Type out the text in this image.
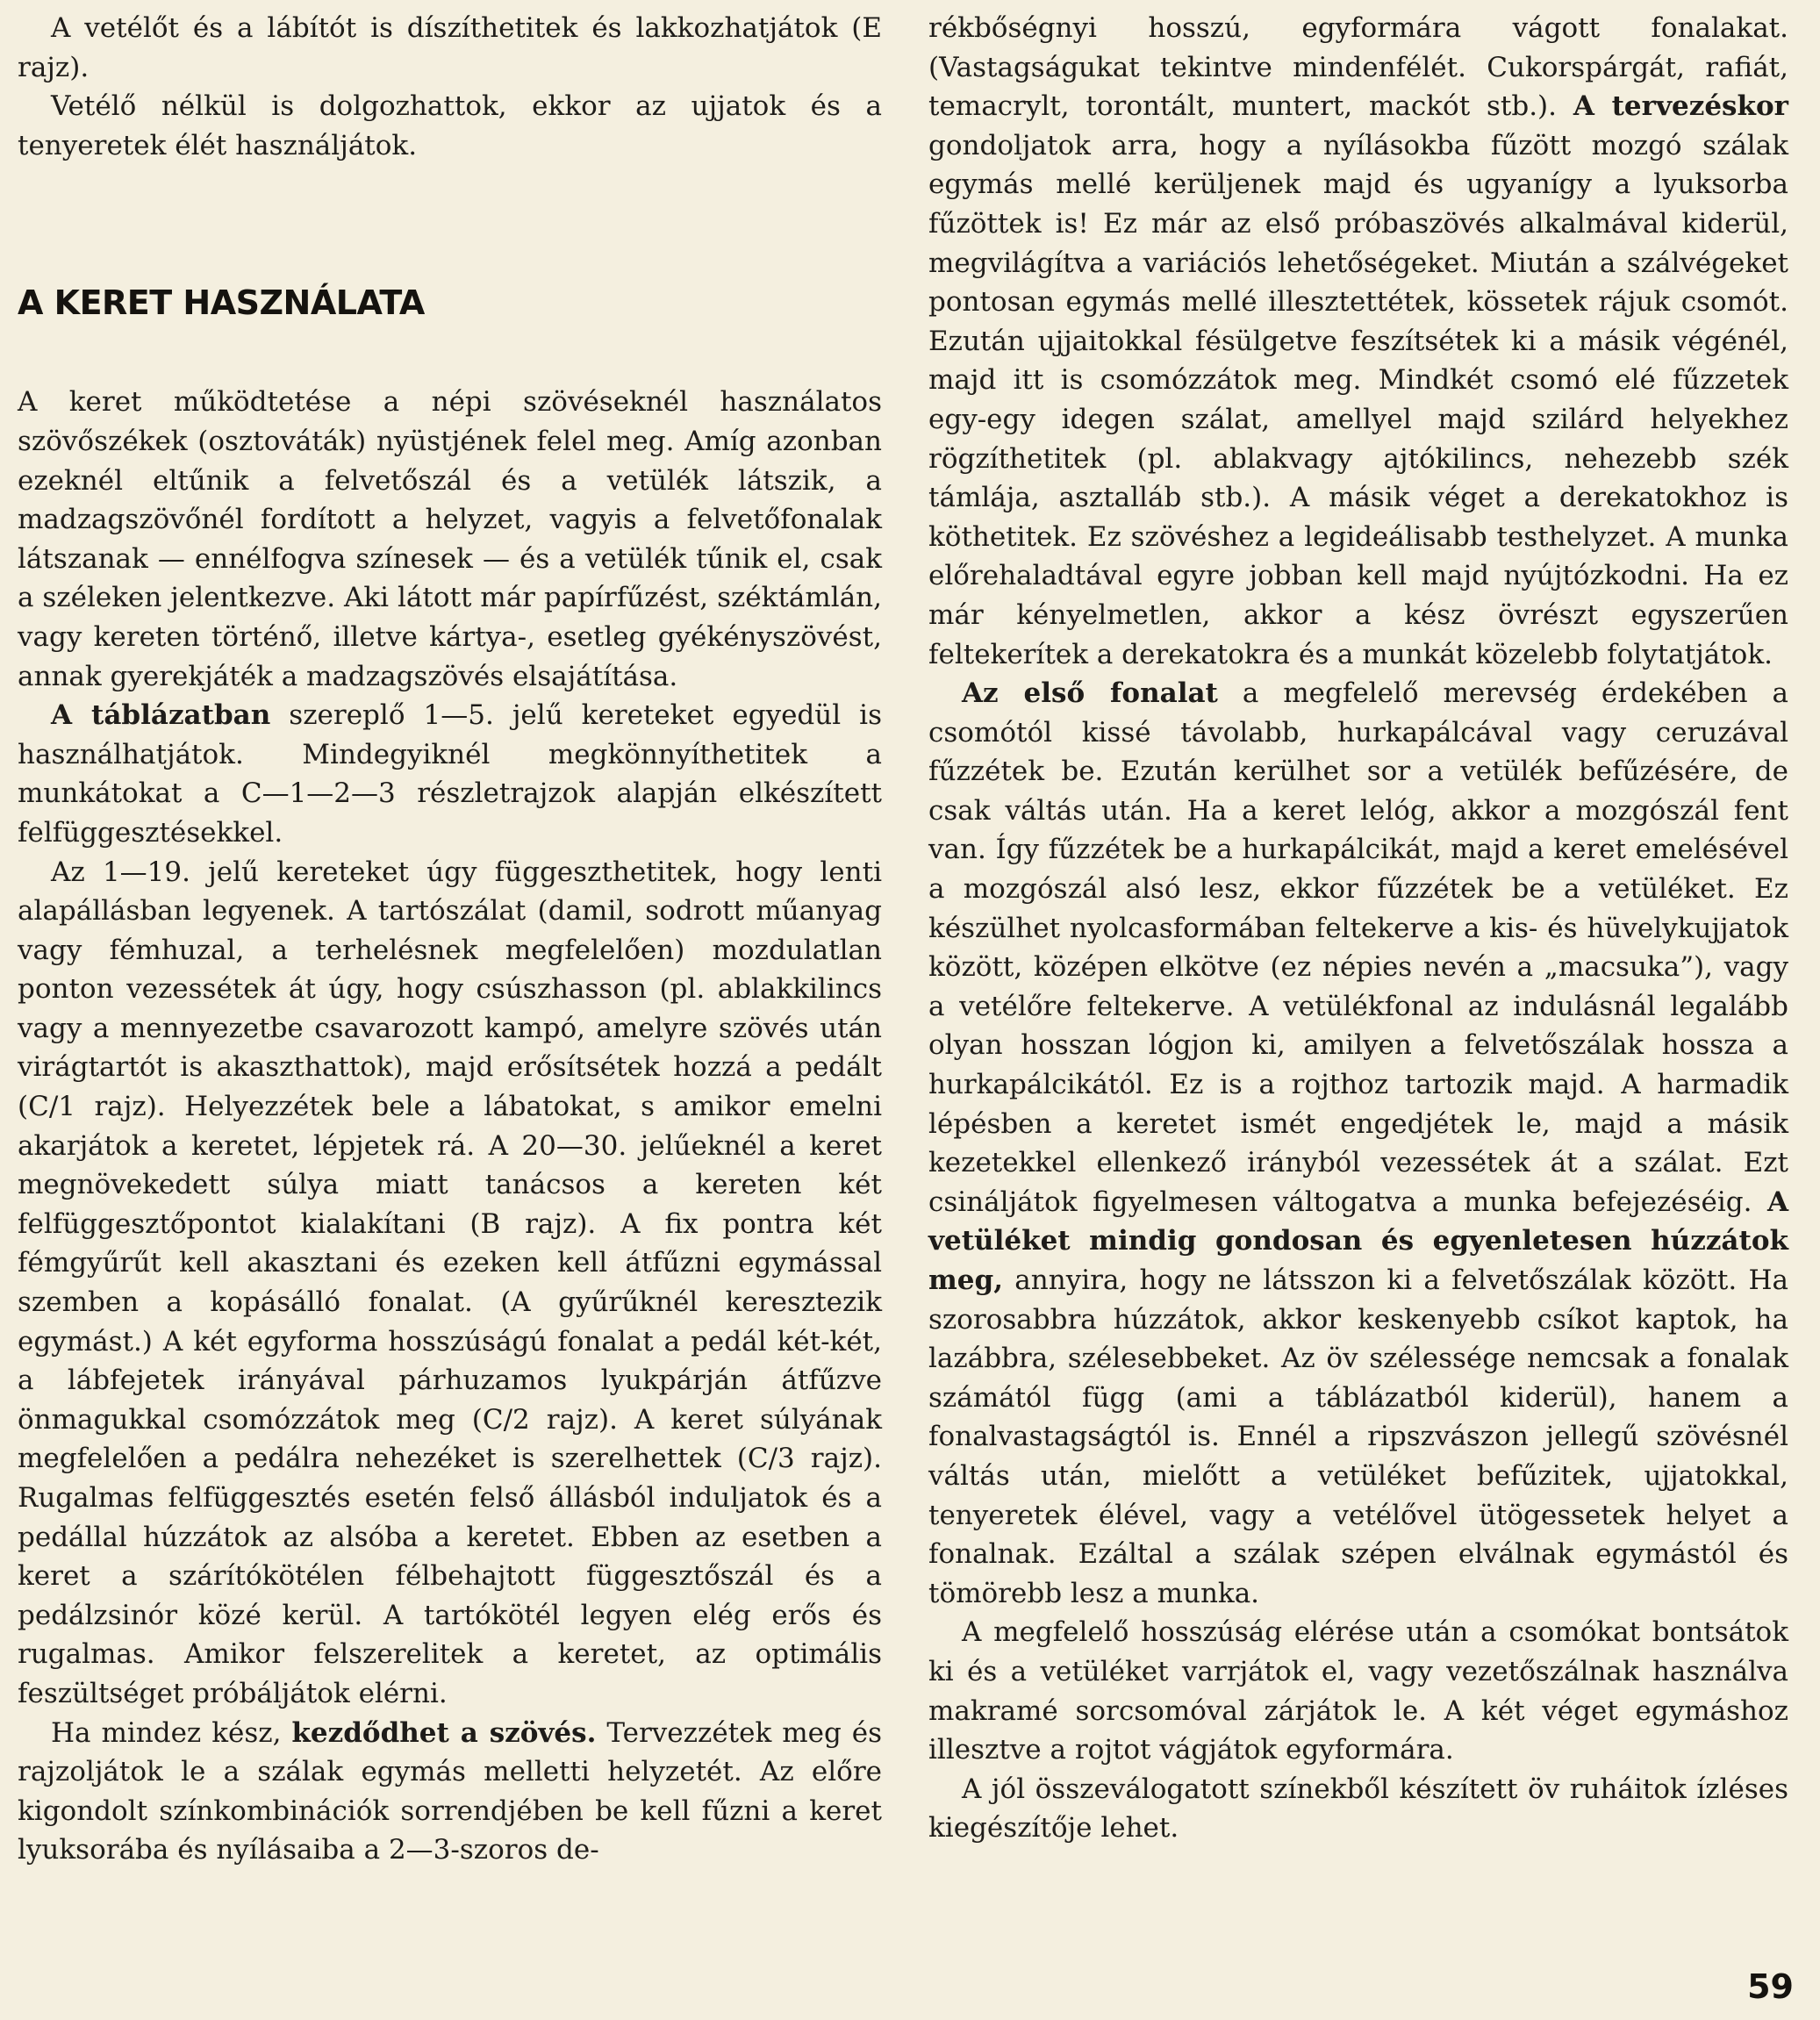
A vetélőt és a lábítót is díszíthetitek és lakkozhatjátok (E rajz).

Vetélő nélkül is dolgozhattok, ekkor az ujjatok és a tenyeretek élét használjátok.

A KERET HASZNÁLATA

A keret működtetése a népi szövéseknél használatos szövőszékek (osztováták) nyüstjének felel meg. Amíg azonban ezeknél eltűnik a felvetőszál és a vetülék látszik, a madzagszövőnél fordított a helyzet, vagyis a felvetőfonalak látszanak — ennélfogva színesek — és a vetülék tűnik el, csak a széleken jelentkezve. Aki látott már papírfűzést, széktámlán, vagy kereten történő, illetve kártya-, esetleg gyékényszövést, annak gyerekjáték a madzagszövés elsajátítása.

A táblázatban szereplő 1—5. jelű kereteket egyedül is használhatjátok. Mindegyiknél megkönnyíthetitek a munkátokat a C—1—2—3 részletrajzok alapján elkészített felfüggesztésekkel.

Az 1—19. jelű kereteket úgy függeszthetitek, hogy lenti alapállásban legyenek. A tartószálat (damil, sodrott műanyag vagy fémhuzal, a terhelésnek megfelelően) mozdulatlan ponton vezessétek át úgy, hogy csúszhasson (pl. ablakkilincs vagy a mennyezetbe csavarozott kampó, amelyre szövés után virágtartót is akaszthattok), majd erősítsétek hozzá a pedált (C/1 rajz). Helyezzétek bele a lábatokat, s amikor emelni akarjátok a keretet, lépjetek rá. A 20—30. jelűeknél a keret megnövekedett súlya miatt tanácsos a kereten két felfüggesztőpontot kialakítani (B rajz). A fix pontra két fémgyűrűt kell akasztani és ezeken kell átfűzni egymással szemben a kopásálló fonalat. (A gyűrűknél keresztezik egymást.) A két egyforma hosszúságú fonalat a pedál két-két, a lábfejetek irányával párhuzamos lyukpárján átfűzve önmagukkal csomózzátok meg (C/2 rajz). A keret súlyának megfelelően a pedálra nehezéket is szerelhettek (C/3 rajz). Rugalmas felfüggesztés esetén felső állásból induljatok és a pedállal húzzátok az alsóba a keretet. Ebben az esetben a keret a szárítókötélen félbehajtott függesztőszál és a pedálzsinór közé kerül. A tartókötél legyen elég erős és rugalmas. Amikor felszerelitek a keretet, az optimális feszültséget próbáljátok elérni.

Ha mindez kész, kezdődhet a szövés. Tervezzétek meg és rajzoljátok le a szálak egymás melletti helyzetét. Az előre kigondolt színkombinációk sorrendjében be kell fűzni a keret lyuksorába és nyílásaiba a 2—3-szoros de-

rékbőségnyi hosszú, egyformára vágott fonalakat. (Vastagságukat tekintve mindenfélét. Cukorspárgát, rafiát, temacrylt, torontált, muntert, mackót stb.). A tervezéskor gondoljatok arra, hogy a nyílásokba fűzött mozgó szálak egymás mellé kerüljenek majd és ugyanígy a lyuksorba fűzöttek is! Ez már az első próbaszövés alkalmával kiderül, megvilágítva a variációs lehetőségeket. Miután a szálvégeket pontosan egymás mellé illesztettétek, kössetek rájuk csomót. Ezután ujjaitokkal fésülgetve feszítsétek ki a másik végénél, majd itt is csomózzátok meg. Mindkét csomó elé fűzzetek egy-egy idegen szálat, amellyel majd szilárd helyekhez rögzíthetitek (pl. ablakvagy ajtókilincs, nehezebb szék támlája, asztalláb stb.). A másik véget a derekatokhoz is köthetitek. Ez szövéshez a legideálisabb testhelyzet. A munka előrehaladtával egyre jobban kell majd nyújtózkodni. Ha ez már kényelmetlen, akkor a kész övrészt egyszerűen feltekerítek a derekatokra és a munkát közelebb folytatjátok.

Az első fonalat a megfelelő merevség érdekében a csomótól kissé távolabb, hurkapálcával vagy ceruzával fűzzétek be. Ezután kerülhet sor a vetülék befűzésére, de csak váltás után. Ha a keret lelóg, akkor a mozgószál fent van. Így fűzzétek be a hurkapálcikát, majd a keret emelésével a mozgószál alsó lesz, ekkor fűzzétek be a vetüléket. Ez készülhet nyolcasformában feltekerve a kis- és hüvelykujjatok között, középen elkötve (ez népies nevén a „macsuka”), vagy a vetélőre feltekerve. A vetülékfonal az indulásnál legalább olyan hosszan lógjon ki, amilyen a felvetőszálak hossza a hurkapálcikától. Ez is a rojthoz tartozik majd. A harmadik lépésben a keretet ismét engedjétek le, majd a másik kezetekkel ellenkező irányból vezessétek át a szálat. Ezt csináljátok figyelmesen váltogatva a munka befejezéséig. A vetüléket mindig gondosan és egyenletesen húzzátok meg, annyira, hogy ne látsszon ki a felvetőszálak között. Ha szorosabbra húzzátok, akkor keskenyebb csíkot kaptok, ha lazábbra, szélesebbeket. Az öv szélessége nemcsak a fonalak számától függ (ami a táblázatból kiderül), hanem a fonalvastagságtól is. Ennél a ripszvászon jellegű szövésnél váltás után, mielőtt a vetüléket befűzitek, ujjatokkal, tenyeretek élével, vagy a vetélővel ütögessetek helyet a fonalnak. Ezáltal a szálak szépen elválnak egymástól és tömörebb lesz a munka.

A megfelelő hosszúság elérése után a csomókat bontsátok ki és a vetüléket varrjátok el, vagy vezetőszálnak használva makramé sorcsomóval zárjátok le. A két véget egymáshoz illesztve a rojtot vágjátok egyformára.

A jól összeválogatott színekből készített öv ruháitok ízléses kiegészítője lehet.

59
